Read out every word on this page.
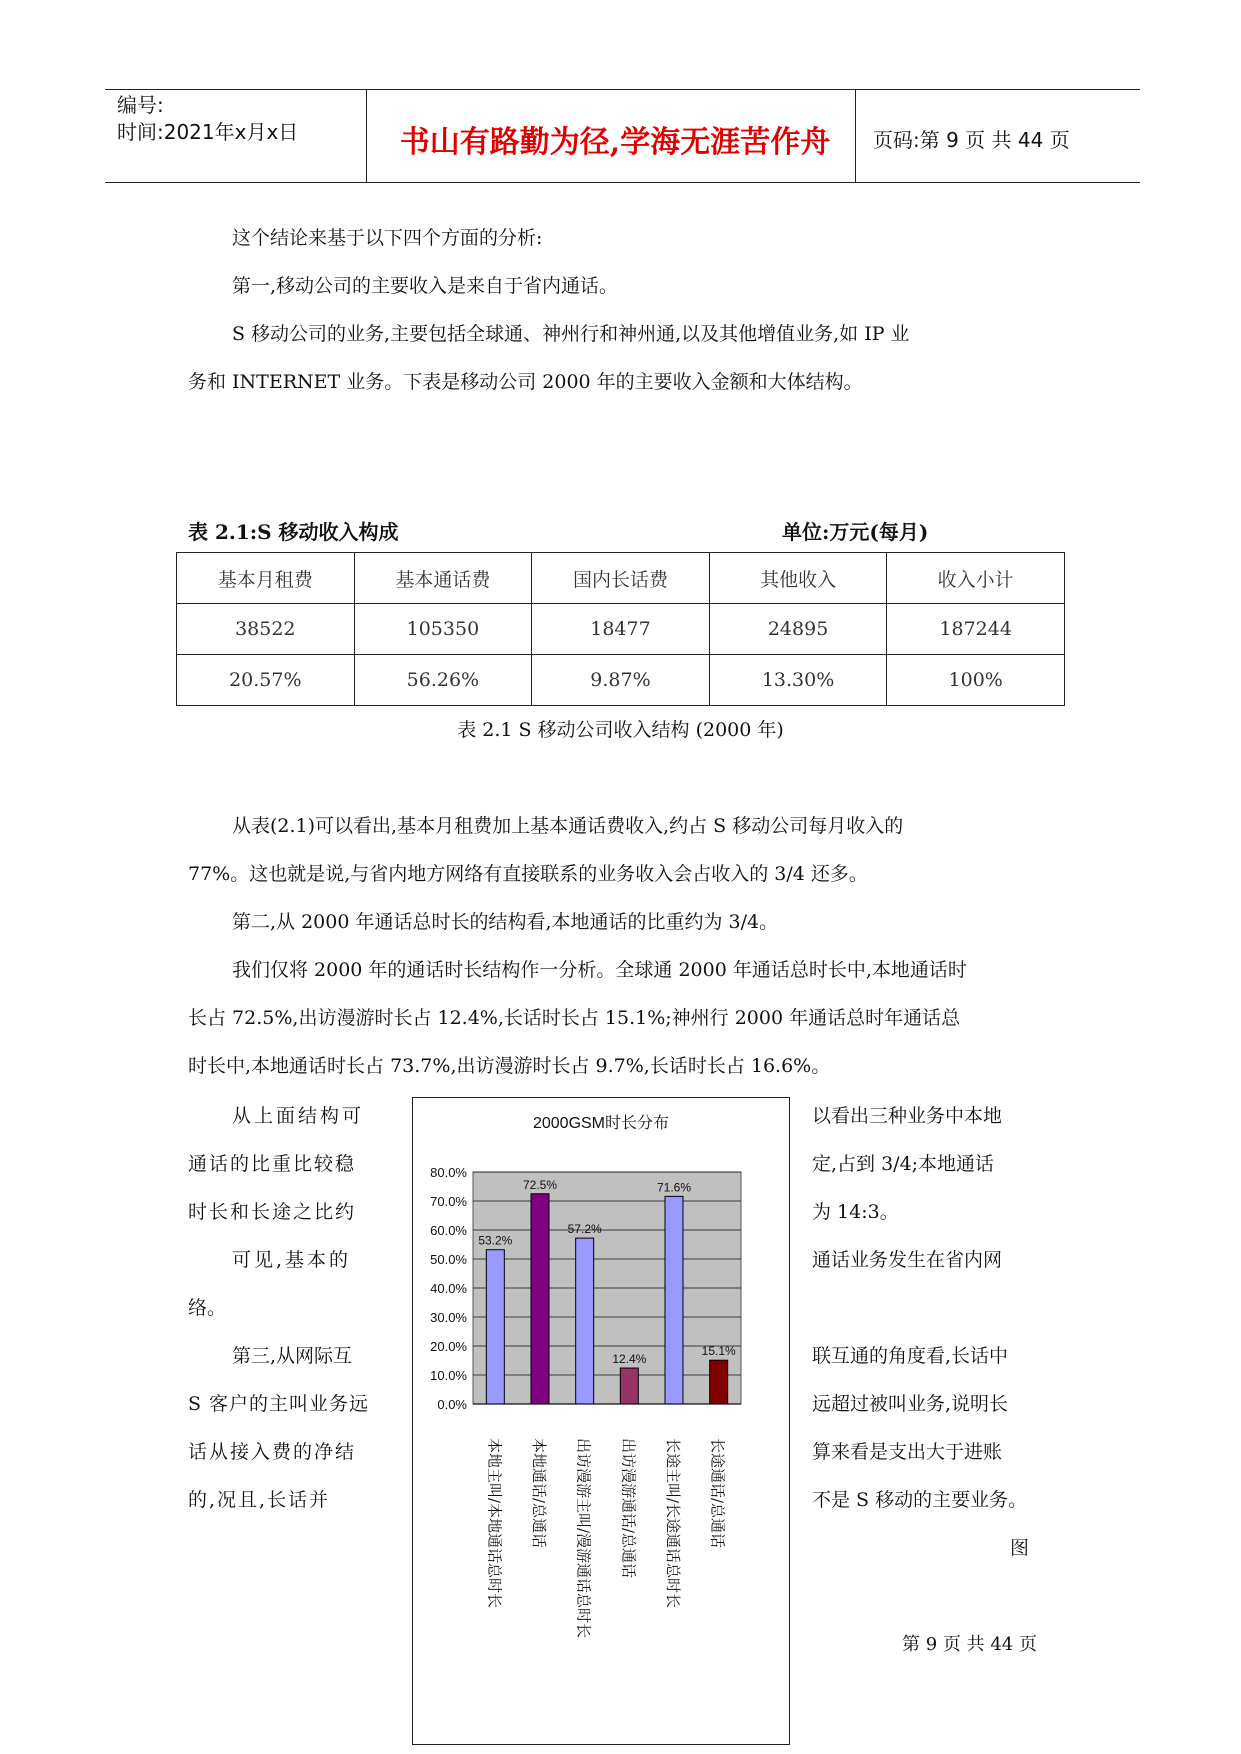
编号:
时间:2021年x月x日	书山有路勤为径,学海无涯苦作舟	页码:第 9 页 共 44 页
这个结论来基于以下四个方面的分析:
第一,移动公司的主要收入是来自于省内通话。
S 移动公司的业务,主要包括全球通、神州行和神州通,以及其他增值业务,如 IP 业
务和 INTERNET 业务。下表是移动公司 2000 年的主要收入金额和大体结构。
表 2.1:S 移动收入构成	单位:万元(每月)
基本月租费	基本通话费	国内长话费	其他收入	收入小计
38522	105350	18477	24895	187244
20.57%	56.26%	9.87%	13.30%	100%
表 2.1 S 移动公司收入结构 (2000 年)
从表(2.1)可以看出,基本月租费加上基本通话费收入,约占 S 移动公司每月收入的
77%。这也就是说,与省内地方网络有直接联系的业务收入会占收入的 3/4 还多。
第二,从 2000 年通话总时长的结构看,本地通话的比重约为 3/4。
我们仅将 2000 年的通话时长结构作一分析。全球通 2000 年通话总时长中,本地通话时
长占 72.5%,出访漫游时长占 12.4%,长话时长占 15.1%;神州行 2000 年通话总时年通话总
时长中,本地通话时长占 73.7%,出访漫游时长占 9.7%,长话时长占 16.6%。
从上面结构可
通话的比重比较稳
时长和长途之比约
可见,基本的
络。
第三,从网际互
S 客户的主叫业务远
话从接入费的净结
的,况且,长话并
以看出三种业务中本地
定,占到 3/4;本地通话
为 14:3。
通话业务发生在省内网
联互通的角度看,长话中
远超过被叫业务,说明长
算来看是支出大于进账
不是 S 移动的主要业务。
图
2000GSM时长分布
0.0%
10.0%
20.0%
30.0%
40.0%
50.0%
60.0%
70.0%
80.0%
53.2%
本地主叫/本地通话总时长
72.5%
本地通话/总通话
57.2%
出访漫游主叫/漫游通话总时长
12.4%
出访漫游通话/总通话
71.6%
长途主叫/长途通话总时长
15.1%
长途通话/总通话
第 9 页 共 44 页
